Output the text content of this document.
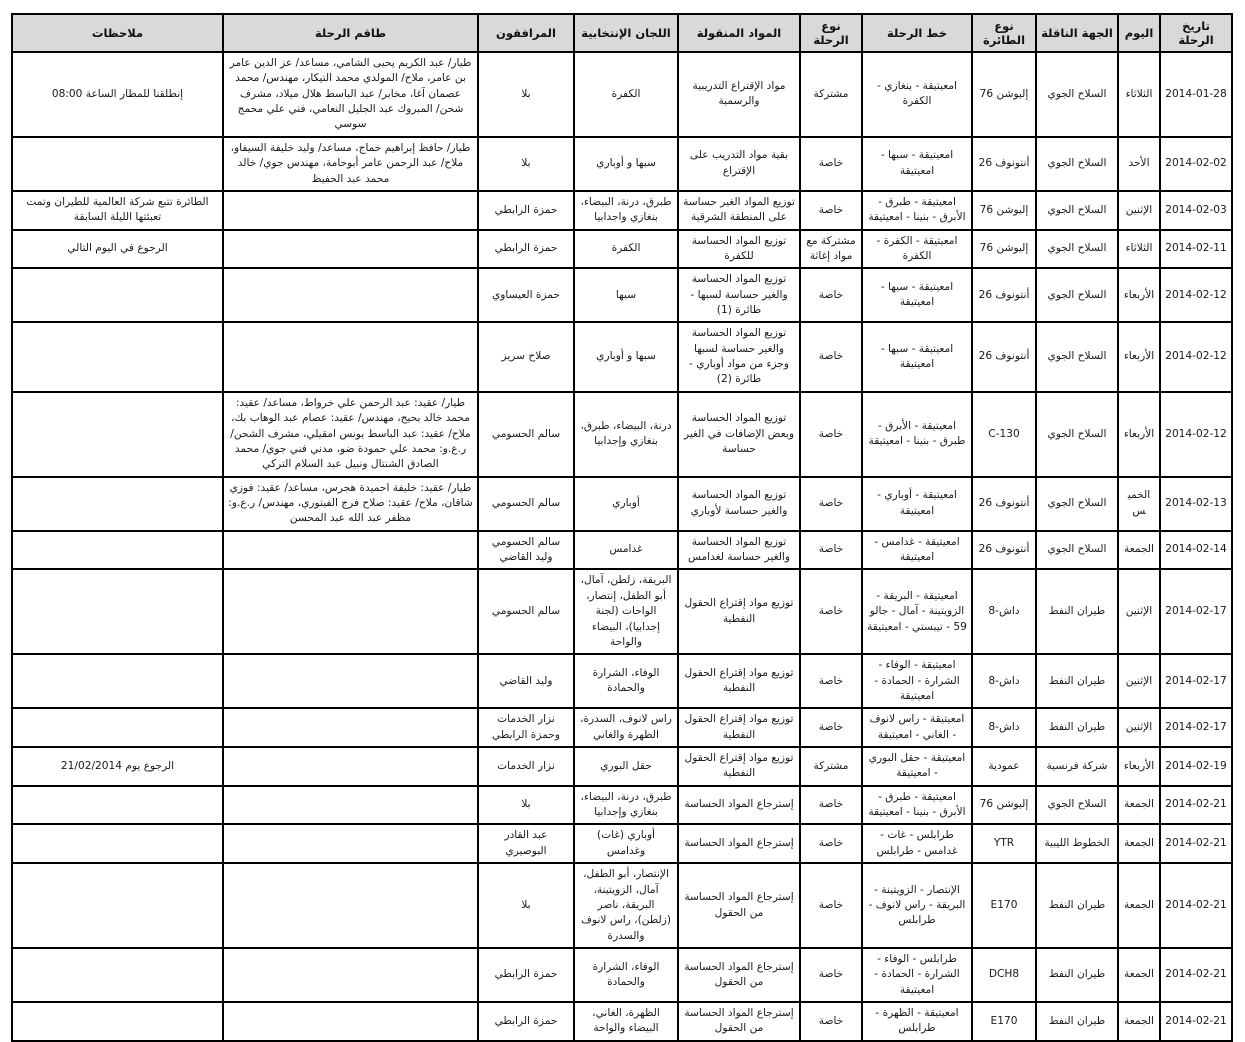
تاريخ الرحلة	اليوم	الجهة الناقلة	نوع الطائرة	خط الرحلة	نوع الرحلة	المواد المنقولة	اللجان الإنتخابية	المرافقون	طاقم الرحلة	ملاحظات
2014-01-28	الثلاثاء	السلاح الجوي	إليوشن 76	امعيتيقة - بنغازي - الكفرة	مشتركة	مواد الإقتراع التدريبية والرسمية	الكفرة	بلا	طيار/ عبد الكريم يحيى الشامي، مساعد/ عز الدين عامر بن عامر، ملاح/ المولدي محمد التيكار، مهندس/ محمد عصمان آغا، مخابر/ عبد الباسط هلال ميلاد، مشرف شحن/ المبروك عبد الجليل النعامي، فني علي محمج سوسي	إنطلقنا للمطار الساعة 08:00
2014-02-02	الأحد	السلاح الجوي	أنتونوف 26	امعيتيقة - سبها - امعيتيقة	خاصة	بقية مواد التدريب على الإقتراع	سبها و أوباري	بلا	طيار/ حافظ إبراهيم خماج، مساعد/ وليد خليفة السيفاو، ملاح/ عبد الرحمن عامر أبوحامة، مهندس جوي/ خالد محمد عبد الحفيظ	
2014-02-03	الإثنين	السلاح الجوي	إليوشن 76	امعيتيقة - طبرق - الأبرق - بنينا - امعيتيقة	خاصة	توزيع المواد الغير حساسة على المنطقة الشرقية	طبرق، درنة، البيضاء، بنغازي واجدابيا	حمزة الرابطي		الطائرة تتبع شركة العالمية للطيران وتمت تعبئتها الليلة السابقة
2014-02-11	الثلاثاء	السلاح الجوي	إليوشن 76	امعيتيقة - الكفرة - الكفرة	مشتركة مع مواد إغاثة	توزيع المواد الحساسة للكفرة	الكفرة	حمزة الرابطي		الرجوع في اليوم التالي
2014-02-12	الأربعاء	السلاح الجوي	أنتونوف 26	امعيتيقة - سبها - امعيتيقة	خاصة	توزيع المواد الحساسة والغير حساسة لسبها - طائرة (1)	سبها	حمزة العيساوي		
2014-02-12	الأربعاء	السلاح الجوي	أنتونوف 26	امعيتيقة - سبها - امعيتيقة	خاصة	توزيع المواد الحساسة والغير حساسة لسبها وجزء من مواد أوباري - طائرة (2)	سبها و أوباري	صلاح سريز		
2014-02-12	الأربعاء	السلاح الجوي	C-130	امعيتيقة - الأبرق - طبرق - بنينا - امعيتيقة	خاصة	توزيع المواد الحساسة وبعض الإضافات في الغير حساسة	درنة، البيضاء، طبرق، بنغازي وإجدابيا	سالم الحسومي	طيار/ عقيد: عبد الرحمن علي خرواط، مساعد/ عقيد: محمد خالد بحيح، مهندس/ عقيد: عصام عبد الوهاب بك، ملاح/ عقيد: عبد الباسط يونس امقيلي، مشرف الشحن/ ر.ع.و: محمد علي حمودة ضو، مدني فني جوي/ محمد الصادق الشنتال ونبيل عبد السلام التركي	
2014-02-13	الخميس	السلاح الجوي	أنتونوف 26	امعيتيقة - أوباري - امعيتيقة	خاصة	توزيع المواد الحساسة والغير حساسة لأوباري	أوباري	سالم الحسومي	طيار/ عقيد: خليفة احميدة هجرس، مساعد/ عقيد: فوزي شاقان، ملاح/ عقيد: صلاح فرج الفيتوري، مهندس/ ر.ع.و: مظفر عبد الله عبد المحسن	
2014-02-14	الجمعة	السلاح الجوي	أنتونوف 26	امعيتيقة - غدامس - امعيتيقة	خاصة	توزيع المواد الحساسة والغير حساسة لغدامس	غدامس	سالم الحسومي وليد القاضي		
2014-02-17	الإثنين	طيران النفط	داش-8	امعيتيقة - البريقة - الزويتينة - آمال - جالو 59 - تيبستي - امعيتيقة	خاصة	توزيع مواد إقتراع الحقول النفطية	البريقة، زلطن، آمال، أبو الطفل، إنتصار، الواحات (لجنة إجدابيا)، البيضاء والواحة	سالم الحسومي		
2014-02-17	الإثنين	طيران النفط	داش-8	امعيتيقة - الوفاء - الشرارة - الحمادة - امعيتيقة	خاصة	توزيع مواد إقتراع الحقول النفطية	الوفاء، الشرارة والحمادة	وليد القاضي		
2014-02-17	الإثنين	طيران النفط	داش-8	امعيتيقة - راس لانوف - الغاني - امعيتيقة	خاصة	توزيع مواد إقتراع الحقول النفطية	راس لانوف، السدرة، الظهرة والغاني	نزار الخدمات وحمزة الرابطي		
2014-02-19	الأربعاء	شركة فرنسية	عمودية	امعيتيقة - حقل البوري - امعيتيقة	مشتركة	توزيع مواد إقتراع الحقول النفطية	حقل البوري	نزار الخدمات		الرجوع يوم 21/02/2014
2014-02-21	الجمعة	السلاح الجوي	إليوشن 76	امعيتيقة - طبرق - الأبرق - بنينا - امعيتيقة	خاصة	إسترجاع المواد الحساسة	طبرق، درنة، البيضاء، بنغازي وإجدابيا	بلا		
2014-02-21	الجمعة	الخطوط الليبية	YTR	طرابلس - غات - غدامس - طرابلس	خاصة	إسترجاع المواد الحساسة	أوباري (غات) وغدامس	عبد القادر البوصيري		
2014-02-21	الجمعة	طيران النفط	E170	الإنتصار - الزويتينة - البريقة - راس لانوف - طرابلس	خاصة	إسترجاع المواد الحساسة من الحقول	الإنتصار، أبو الطفل، آمال، الزويتينة، البريقة، ناصر (زلطن)، راس لانوف والسدرة	بلا		
2014-02-21	الجمعة	طيران النفط	DCH8	طرابلس - الوفاء - الشرارة - الحمادة - امعيتيقة	خاصة	إسترجاع المواد الحساسة من الحقول	الوفاء، الشرارة والحمادة	حمزة الرابطي		
2014-02-21	الجمعة	طيران النفط	E170	امعيتيقة - الظهرة - طرابلس	خاصة	إسترجاع المواد الحساسة من الحقول	الظهرة، الغاني، البيضاء والواحة	حمزة الرابطي		
